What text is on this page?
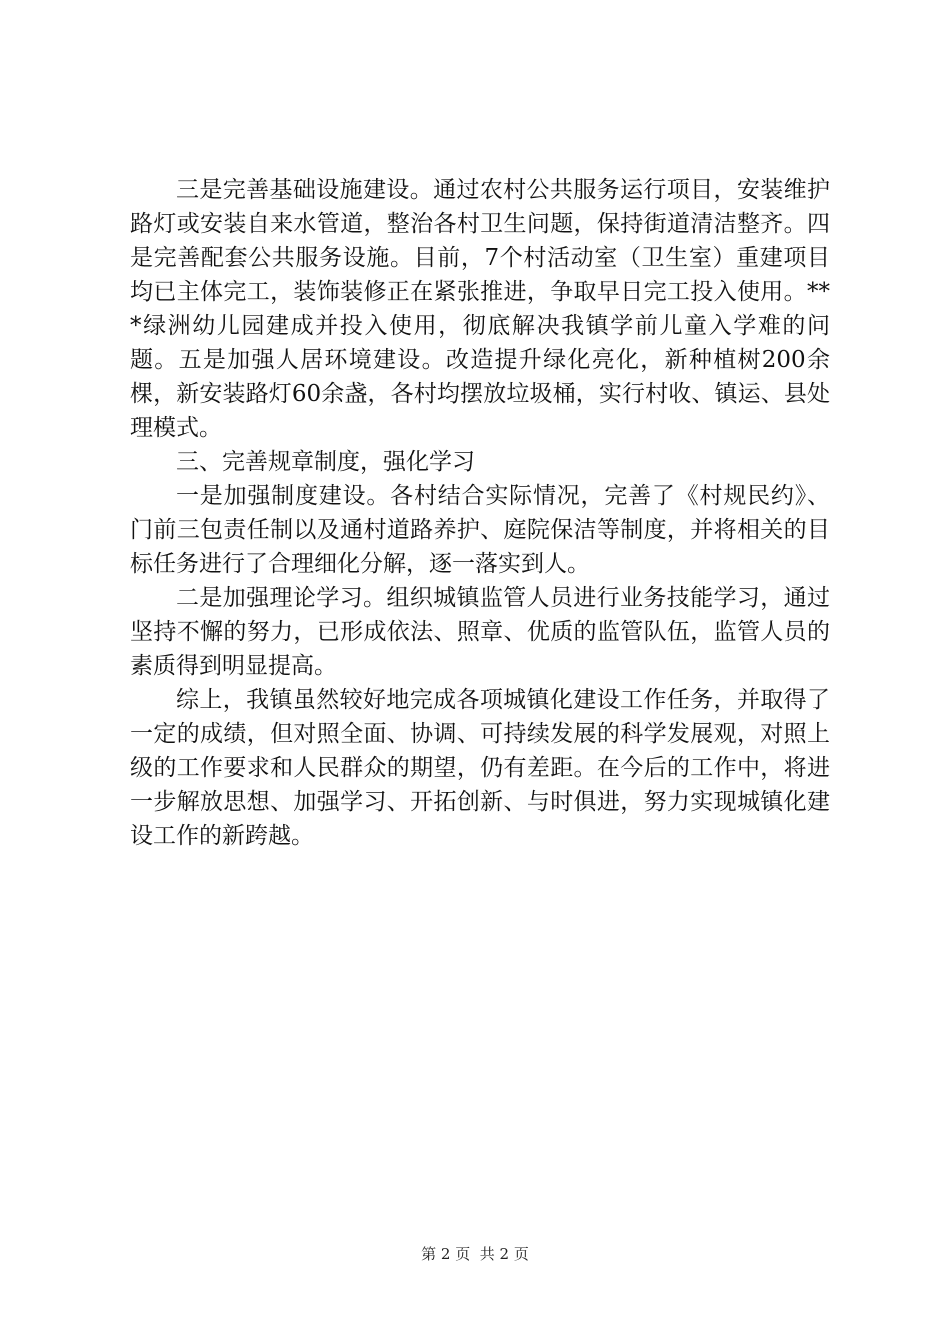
三是完善基础设施建设。通过农村公共服务运行项目，安装维护路灯或安装自来水管道，整治各村卫生问题，保持街道清洁整齐。四是完善配套公共服务设施。目前，7个村活动室（卫生室）重建项目均已主体完工，装饰装修正在紧张推进，争取早日完工投入使用。***绿洲幼儿园建成并投入使用，彻底解决我镇学前儿童入学难的问题。五是加强人居环境建设。改造提升绿化亮化，新种植树200余棵，新安装路灯60余盏，各村均摆放垃圾桶，实行村收、镇运、县处理模式。

三、完善规章制度，强化学习

一是加强制度建设。各村结合实际情况，完善了《村规民约》、门前三包责任制以及通村道路养护、庭院保洁等制度，并将相关的目标任务进行了合理细化分解，逐一落实到人。

二是加强理论学习。组织城镇监管人员进行业务技能学习，通过坚持不懈的努力，已形成依法、照章、优质的监管队伍，监管人员的素质得到明显提高。

综上，我镇虽然较好地完成各项城镇化建设工作任务，并取得了一定的成绩，但对照全面、协调、可持续发展的科学发展观，对照上级的工作要求和人民群众的期望，仍有差距。在今后的工作中，将进一步解放思想、加强学习、开拓创新、与时俱进，努力实现城镇化建设工作的新跨越。

第 2 页  共 2 页
